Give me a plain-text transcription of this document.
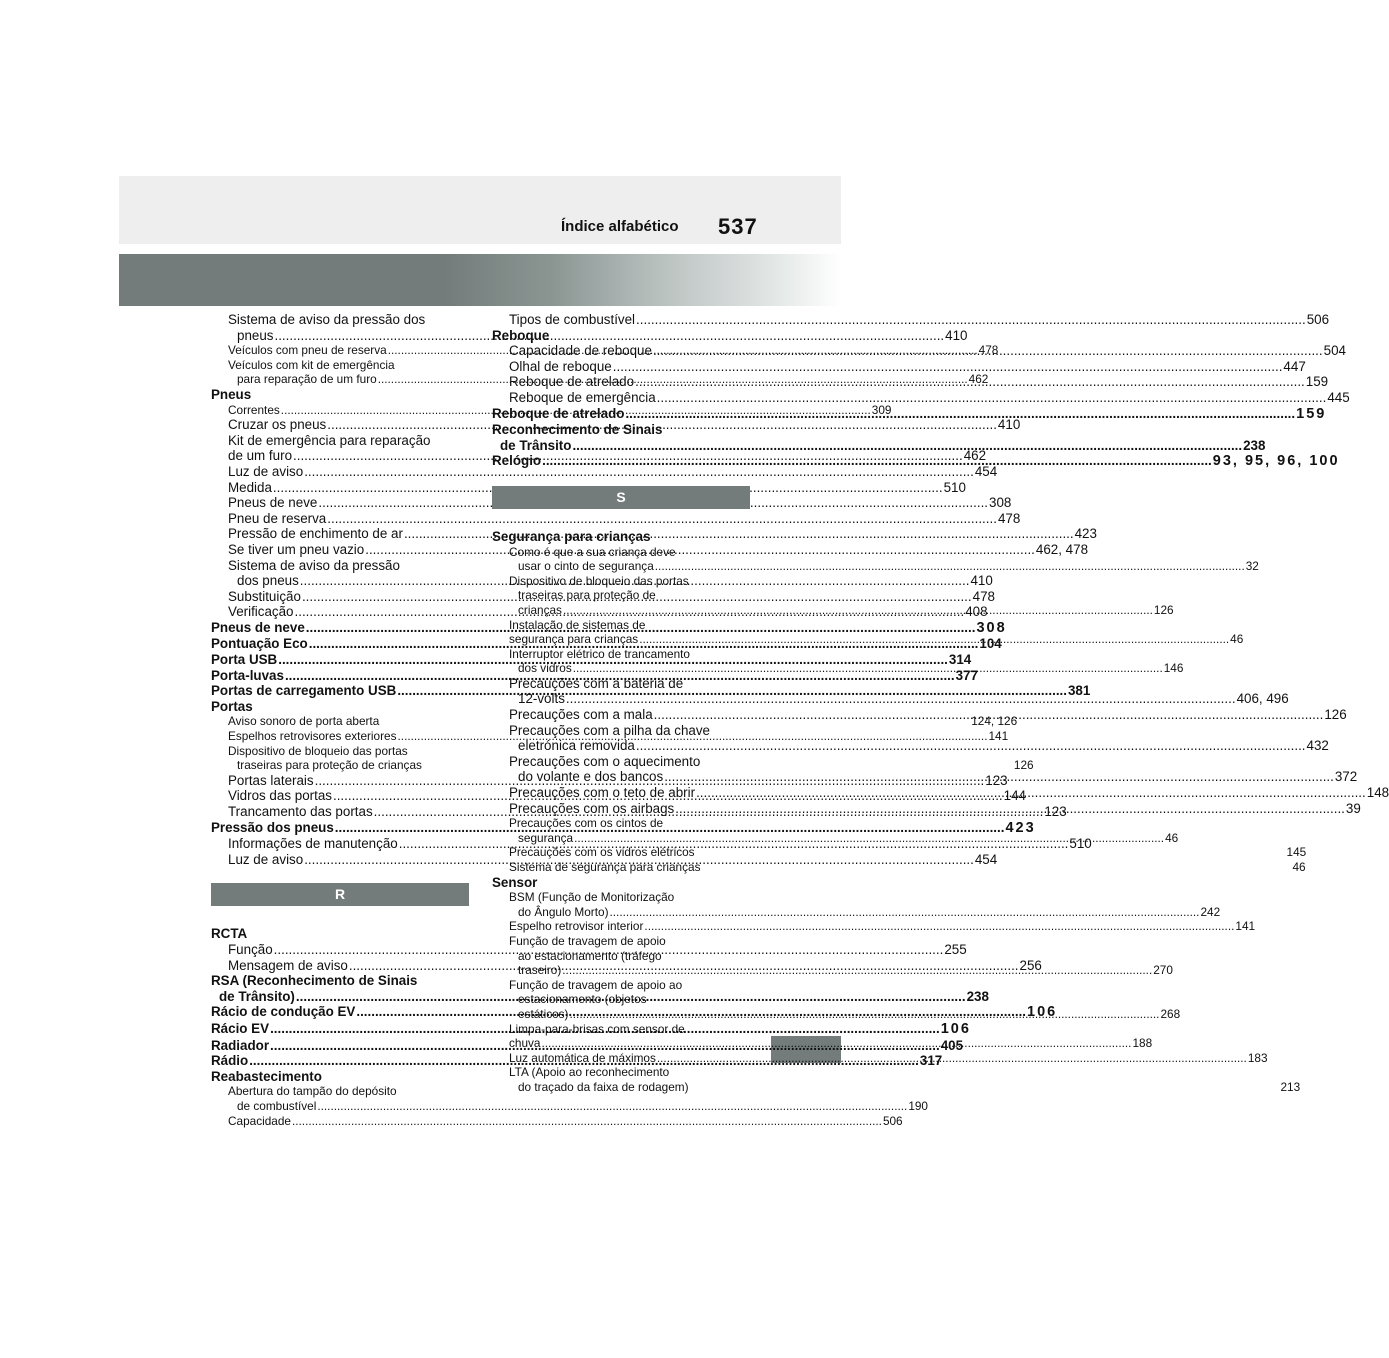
Índice alfabético 537
Sistema de aviso da pressão dos
pneus .....	410
Veículos com pneu de reserva .....	478
Veículos com kit de emergência
para reparação de um furo .....	462
Pneus
Correntes .....	309
Cruzar os pneus .....	410
Kit de emergência para reparação
de um furo .....	462
Luz de aviso .....	454
Medida .....	510
Pneus de neve .....	308
Pneu de reserva .....	478
Pressão de enchimento de ar .....	423
Se tiver um pneu vazio .....	462, 478
Sistema de aviso da pressão
dos pneus .....	410
Substituição .....	478
Verificação .....	408
Pneus de neve .....	308
Pontuação Eco .....	104
Porta USB .....	314
Porta-luvas .....	377
Portas de carregamento USB .....	381
Portas
Aviso sonoro de porta aberta	124, 126
Espelhos retrovisores exteriores .....	141
Dispositivo de bloqueio das portas
traseiras para proteção de crianças	126
Portas laterais .....	123
Vidros das portas .....	144
Trancamento das portas .....	123
Pressão dos pneus .....	423
Informações de manutenção .....	510
Luz de aviso .....	454
R
RCTA
Função .....	255
Mensagem de aviso .....	256
RSA (Reconhecimento de Sinais
de Trânsito) .....	238
Rácio de condução EV .....	106
Rácio EV .....	106
Radiador .....	405
Rádio .....	317
Reabastecimento
Abertura do tampão do depósito
de combustível .....	190
Capacidade .....	506
Tipos de combustível .....	506
Reboque
Capacidade de reboque .....	504
Olhal de reboque .....	447
Reboque de atrelado .....	159
Reboque de emergência .....	445
Reboque de atrelado .....	159
Reconhecimento de Sinais
de Trânsito .....	238
Relógio .....	93, 95, 96, 100
S
Segurança para crianças
Como é que a sua criança deve
usar o cinto de segurança .....	32
Dispositivo de bloqueio das portas
traseiras para proteção de
crianças .....	126
Instalação de sistemas de
segurança para crianças .....	46
Interruptor elétrico de trancamento
dos vidros .....	146
Precauções com a bateria de
12-volts .....	406, 496
Precauções com a mala .....	126
Precauções com a pilha da chave
eletrónica removida .....	432
Precauções com o aquecimento
do volante e dos bancos .....	372
Precauções com o teto de abrir .....	148
Precauções com os airbags .....	39
Precauções com os cintos de
segurança .....	46
Precauções com os vidros elétricos	145
Sistema de segurança para crianças	46
Sensor
BSM (Função de Monitorização
do Ângulo Morto) .....	242
Espelho retrovisor interior .....	141
Função de travagem de apoio
ao estacionamento (tráfego
traseiro) .....	270
Função de travagem de apoio ao
estacionamento (objetos
estáticos) .....	268
Limpa-para-brisas com sensor de
chuva .....	188
Luz automática de máximos .....	183
LTA (Apoio ao reconhecimento
do traçado da faixa de rodagem)	213
